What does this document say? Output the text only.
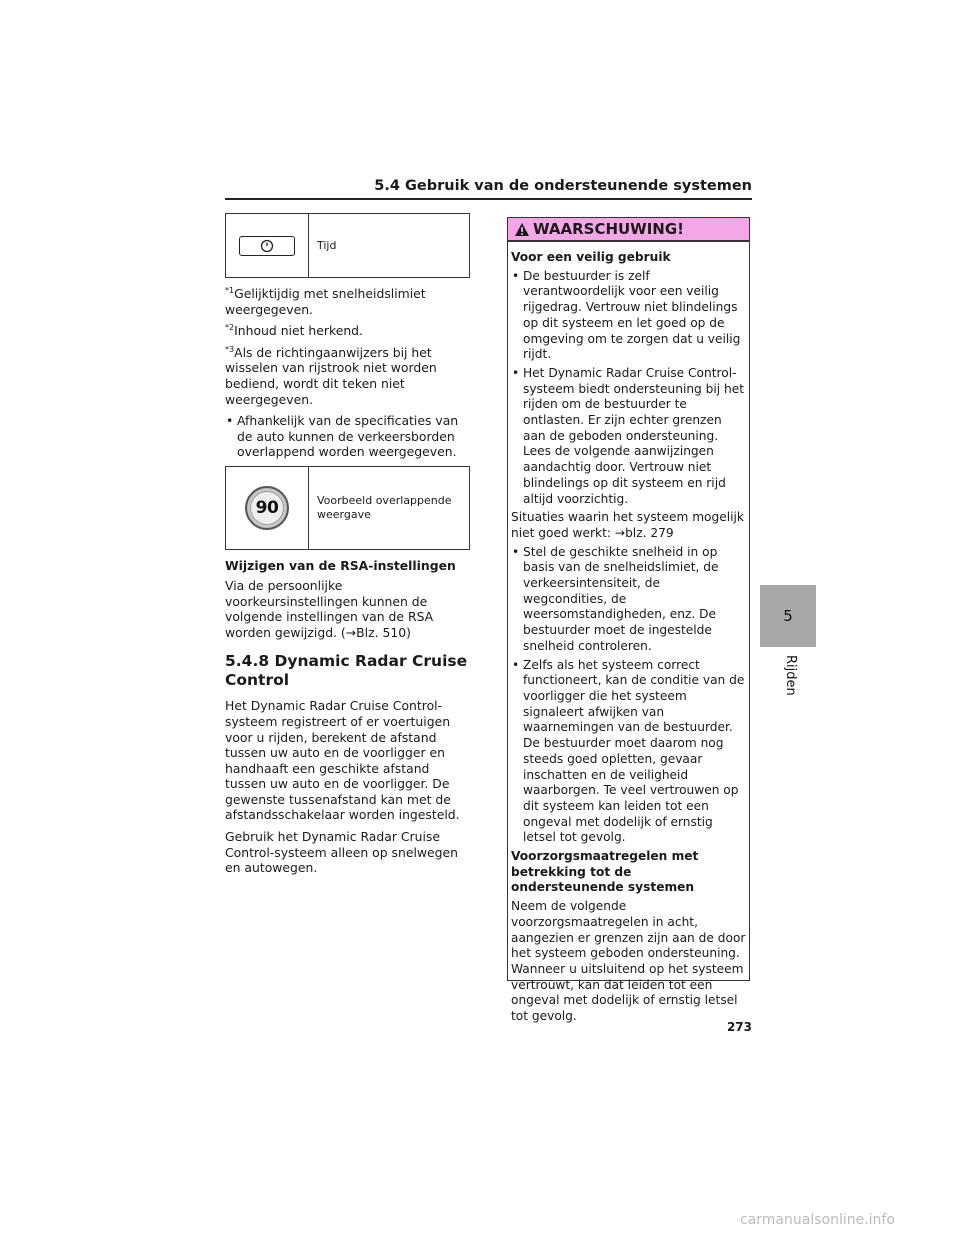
5.4 Gebruik van de ondersteunende systemen
Tijd

$^{*1}$Gelijktijdig met snelheidslimiet weergegeven.

$^{*2}$Inhoud niet herkend.

$^{*3}$Als de richtingaanwijzers bij het wisselen van rijstrook niet worden bediend, wordt dit teken niet weergegeven.

• Afhankelijk van de specificaties van de auto kunnen de verkeersborden overlappend worden weergegeven.

90	Voorbeeld overlappende weergave
Wijzigen van de RSA-instellingen

Via de persoonlijke voorkeursinstellingen kunnen de volgende instellingen van de RSA worden gewijzigd. (→Blz. 510)

5.4.8 Dynamic Radar Cruise Control

Het Dynamic Radar Cruise Control-systeem registreert of er voertuigen voor u rijden, berekent de afstand tussen uw auto en de voorligger en handhaaft een geschikte afstand tussen uw auto en de voorligger. De gewenste tussenafstand kan met de afstandsschakelaar worden ingesteld.

Gebruik het Dynamic Radar Cruise Control-systeem alleen op snelwegen en autowegen.

WAARSCHUWING!

Voor een veilig gebruik

• De bestuurder is zelf verantwoordelijk voor een veilig rijgedrag. Vertrouw niet blindelings op dit systeem en let goed op de omgeving om te zorgen dat u veilig rijdt.

• Het Dynamic Radar Cruise Control-systeem biedt ondersteuning bij het rijden om de bestuurder te ontlasten. Er zijn echter grenzen aan de geboden ondersteuning. Lees de volgende aanwijzingen aandachtig door. Vertrouw niet blindelings op dit systeem en rijd altijd voorzichtig.

Situaties waarin het systeem mogelijk niet goed werkt: →blz. 279

• Stel de geschikte snelheid in op basis van de snelheidslimiet, de verkeersintensiteit, de wegcondities, de weersomstandigheden, enz. De bestuurder moet de ingestelde snelheid controleren.

• Zelfs als het systeem correct functioneert, kan de conditie van de voorligger die het systeem signaleert afwijken van waarnemingen van de bestuurder. De bestuurder moet daarom nog steeds goed opletten, gevaar inschatten en de veiligheid waarborgen. Te veel vertrouwen op dit systeem kan leiden tot een ongeval met dodelijk of ernstig letsel tot gevolg.

Voorzorgsmaatregelen met betrekking tot de ondersteunende systemen

Neem de volgende voorzorgsmaatregelen in acht, aangezien er grenzen zijn aan de door het systeem geboden ondersteuning. Wanneer u uitsluitend op het systeem vertrouwt, kan dat leiden tot een ongeval met dodelijk of ernstig letsel tot gevolg.

5
Rijden
273
carmanualsonline.info
